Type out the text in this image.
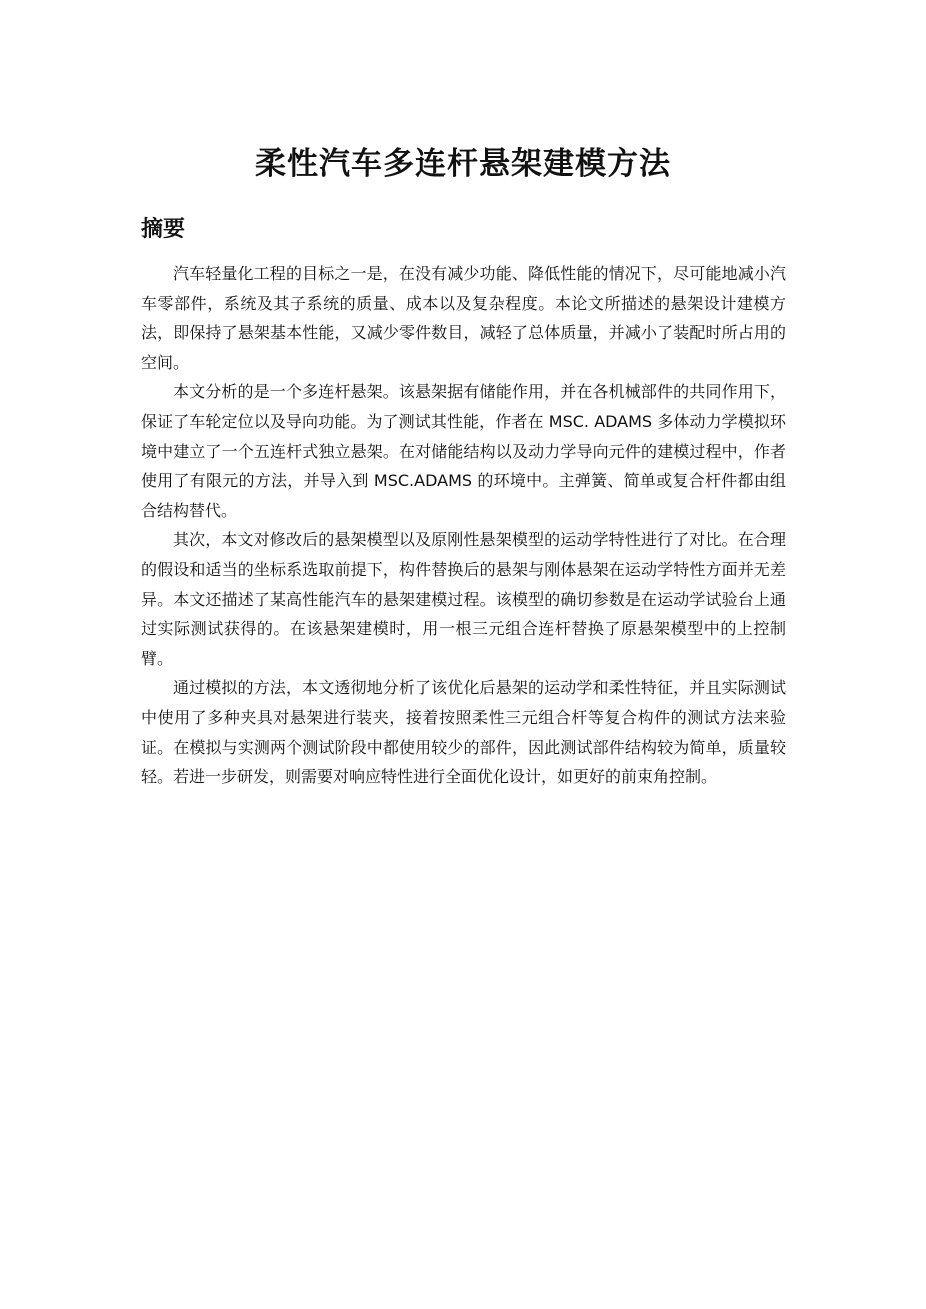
柔性汽车多连杆悬架建模方法
摘要

汽车轻量化工程的目标之一是，在没有减少功能、降低性能的情况下，尽可能地减小汽车零部件，系统及其子系统的质量、成本以及复杂程度。本论文所描述的悬架设计建模方法，即保持了悬架基本性能，又减少零件数目，减轻了总体质量，并减小了装配时所占用的空间。

本文分析的是一个多连杆悬架。该悬架据有储能作用，并在各机械部件的共同作用下，保证了车轮定位以及导向功能。为了测试其性能，作者在 MSC. ADAMS 多体动力学模拟环境中建立了一个五连杆式独立悬架。在对储能结构以及动力学导向元件的建模过程中，作者使用了有限元的方法，并导入到 MSC.ADAMS 的环境中。主弹簧、简单或复合杆件都由组合结构替代。

其次，本文对修改后的悬架模型以及原刚性悬架模型的运动学特性进行了对比。在合理的假设和适当的坐标系选取前提下，构件替换后的悬架与刚体悬架在运动学特性方面并无差异。本文还描述了某高性能汽车的悬架建模过程。该模型的确切参数是在运动学试验台上通过实际测试获得的。在该悬架建模时，用一根三元组合连杆替换了原悬架模型中的上控制臂。

通过模拟的方法，本文透彻地分析了该优化后悬架的运动学和柔性特征，并且实际测试中使用了多种夹具对悬架进行装夹，接着按照柔性三元组合杆等复合构件的测试方法来验证。在模拟与实测两个测试阶段中都使用较少的部件，因此测试部件结构较为简单，质量较轻。若进一步研发，则需要对响应特性进行全面优化设计，如更好的前束角控制。
